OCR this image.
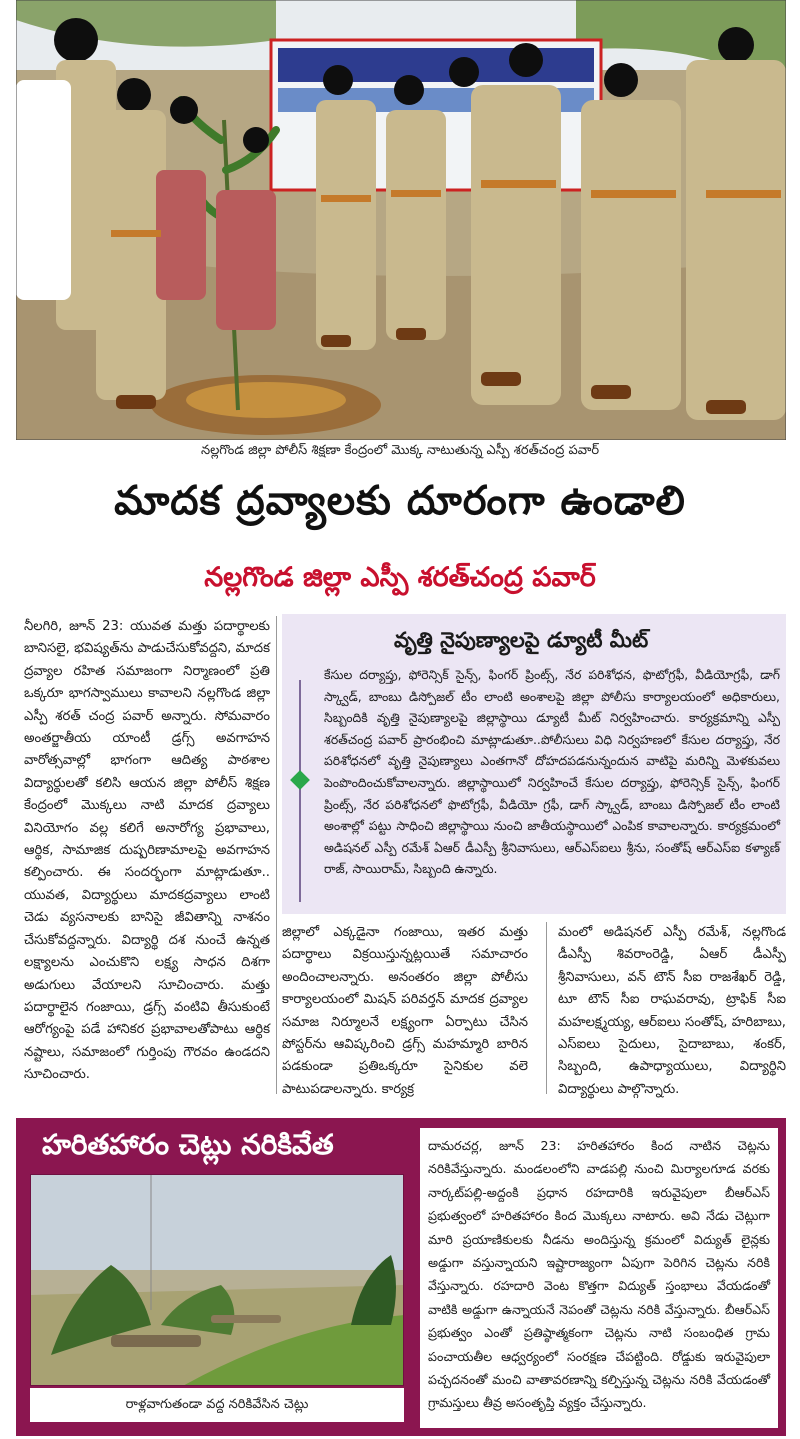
నల్లగొండ జిల్లా పోలీస్ శిక్షణా కేంద్రంలో మొక్క నాటుతున్న ఎస్పీ శరత్‌చంద్ర పవార్
మాదక ద్రవ్యాలకు దూరంగా ఉండాలి
నల్లగొండ జిల్లా ఎస్పీ శరత్‌చంద్ర పవార్
నీలగిరి, జూన్ 23: యువత మత్తు పదార్థాలకు బానిసలై, భవిష్యత్‌ను పాడుచేసుకోవద్దని, మాదక ద్రవ్యాల రహిత సమాజంగా నిర్మాణంలో ప్రతి ఒక్కరూ భాగస్వాములు కావాలని నల్లగొండ జిల్లా ఎస్పీ శరత్ చంద్ర పవార్ అన్నారు. సోమవారం అంతర్జాతీయ యాంటీ డ్రగ్స్ అవగాహన వారోత్సవాల్లో భాగంగా ఆదిత్య పాఠశాల విద్యార్థులతో కలిసి ఆయన జిల్లా పోలీస్ శిక్షణ కేంద్రంలో మొక్కలు నాటి మాదక ద్రవ్యాలు వినియోగం వల్ల కలిగే అనారోగ్య ప్రభావాలు, ఆర్థిక, సామాజిక దుష్పరిణామాలపై అవగాహన కల్పించారు. ఈ సందర్భంగా మాట్లాడుతూ.. యువత, విద్యార్థులు మాదకద్రవ్యాలు లాంటి చెడు వ్యసనాలకు బానిసై జీవితాన్ని నాశనం చేసుకోవద్దన్నారు. విద్యార్థి దశ నుంచే ఉన్నత లక్ష్యాలను ఎంచుకొని లక్ష్య సాధన దిశగా అడుగులు వేయాలని సూచించారు. మత్తు పదార్థాలైన గంజాయి, డ్రగ్స్ వంటివి తీసుకుంటే ఆరోగ్యంపై పడే హానికర ప్రభావాలతోపాటు ఆర్థిక నష్టాలు, సమాజంలో గుర్తింపు గౌరవం ఉండదని సూచించారు.
వృత్తి నైపుణ్యాలపై డ్యూటీ మీట్
కేసుల దర్యాప్తు, ఫోరెన్సిక్ సైన్స్, ఫింగర్ ప్రింట్స్, నేర పరిశోధన, ఫొటోగ్రఫీ, వీడియోగ్రఫీ, డాగ్ స్క్వాడ్, బాంబు డిస్పోజల్ టీం లాంటి అంశాలపై జిల్లా పోలీసు కార్యాలయంలో అధికారులు, సిబ్బందికి వృత్తి నైపుణ్యాలపై జిల్లాస్థాయి డ్యూటీ మీట్ నిర్వహించారు. కార్యక్రమాన్ని ఎస్పీ శరత్‌చంద్ర పవార్ ప్రారంభించి మాట్లాడుతూ..పోలీసులు విధి నిర్వహణలో కేసుల దర్యాప్తు, నేర పరిశోధనలో వృత్తి నైపుణ్యాలు ఎంతగానో దోహదపడనున్నందున వాటిపై మరిన్ని మెళకువలు పెంపొందించుకోవాలన్నారు. జిల్లాస్థాయిలో నిర్వహించే కేసుల దర్యాప్తు, ఫోరెన్సిక్ సైన్స్, ఫింగర్ ప్రింట్స్, నేర పరిశోధనలో ఫొటోగ్రఫీ, వీడియో గ్రఫీ, డాగ్ స్క్వాడ్, బాంబు డిస్పోజల్ టీం లాంటి అంశాల్లో పట్టు సాధించి జిల్లాస్థాయి నుంచి జాతీయస్థాయిలో ఎంపిక కావాలన్నారు. కార్యక్రమంలో అడిషనల్ ఎస్పీ రమేశ్ ఏఆర్ డీఎస్పీ శ్రీనివాసులు, ఆర్ఎస్ఐలు శ్రీను, సంతోష్ ఆర్ఎస్ఐ కళ్యాణ్ రాజ్, సాయిరామ్, సిబ్బంది ఉన్నారు.
జిల్లాలో ఎక్కడైనా గంజాయి, ఇతర మత్తు పదార్థాలు విక్రయిస్తున్నట్లయితే సమాచారం అందించాలన్నారు. అనంతరం జిల్లా పోలీసు కార్యాలయంలో మిషన్ పరివర్తన్ మాదక ద్రవ్యాల సమాజ నిర్మూలనే లక్ష్యంగా ఏర్పాటు చేసిన పోస్టర్‌ను ఆవిష్కరించి డ్రగ్స్ మహమ్మారి బారిన పడకుండా ప్రతిఒక్కరూ సైనికుల వలె పాటుపడాలన్నారు. కార్యక్ర
మంలో అడిషనల్ ఎస్పీ రమేశ్, నల్లగొండ డీఎస్పీ శివరాంరెడ్డి, ఏఆర్ డీఎస్పీ శ్రీనివాసులు, వన్ టౌన్ సీఐ రాజశేఖర్ రెడ్డి, టూ టౌన్ సీఐ రాఘవరావు, ట్రాఫిక్ సీఐ మహలక్ష్మయ్య, ఆర్ఐలు సంతోష్, హరిబాబు, ఎస్ఐలు సైదులు, సైదాబాబు, శంకర్, సిబ్బంది, ఉపాధ్యాయులు, విద్యార్థిని విద్యార్థులు పాల్గొన్నారు.
హరితహారం చెట్లు నరికివేత
రాళ్లవాగుతండా వద్ద నరికివేసిన చెట్లు
దామరచర్ల, జూన్ 23: హరితహారం కింద నాటిన చెట్లను నరికివేస్తున్నారు. మండలంలోని వాడపల్లి నుంచి మిర్యాలగూడ వరకు నార్కట్‌పల్లి-అద్దంకి ప్రధాన రహదారికి ఇరువైపులా బీఆర్ఎస్ ప్రభుత్వంలో హరితహారం కింద మొక్కలు నాటారు. అవి నేడు చెట్లుగా మారి ప్రయాణికులకు నీడను అందిస్తున్న క్రమంలో విద్యుత్ లైన్లకు అడ్డుగా వస్తున్నాయని ఇష్టారాజ్యంగా ఏపుగా పెరిగిన చెట్లను నరికి వేస్తున్నారు. రహదారి వెంట కొత్తగా విద్యుత్ స్తంభాలు వేయడంతో వాటికి అడ్డుగా ఉన్నాయనే నెపంతో చెట్లను నరికి వేస్తున్నారు. బీఆర్ఎస్ ప్రభుత్వం ఎంతో ప్రతిష్ఠాత్మకంగా చెట్లను నాటి సంబంధిత గ్రామ పంచాయతీల ఆధ్వర్యంలో సంరక్షణ చేపట్టింది. రోడ్డుకు ఇరువైపులా పచ్చదనంతో మంచి వాతావరణాన్ని కల్పిస్తున్న చెట్లను నరికి వేయడంతో గ్రామస్తులు తీవ్ర అసంతృప్తి వ్యక్తం చేస్తున్నారు.
